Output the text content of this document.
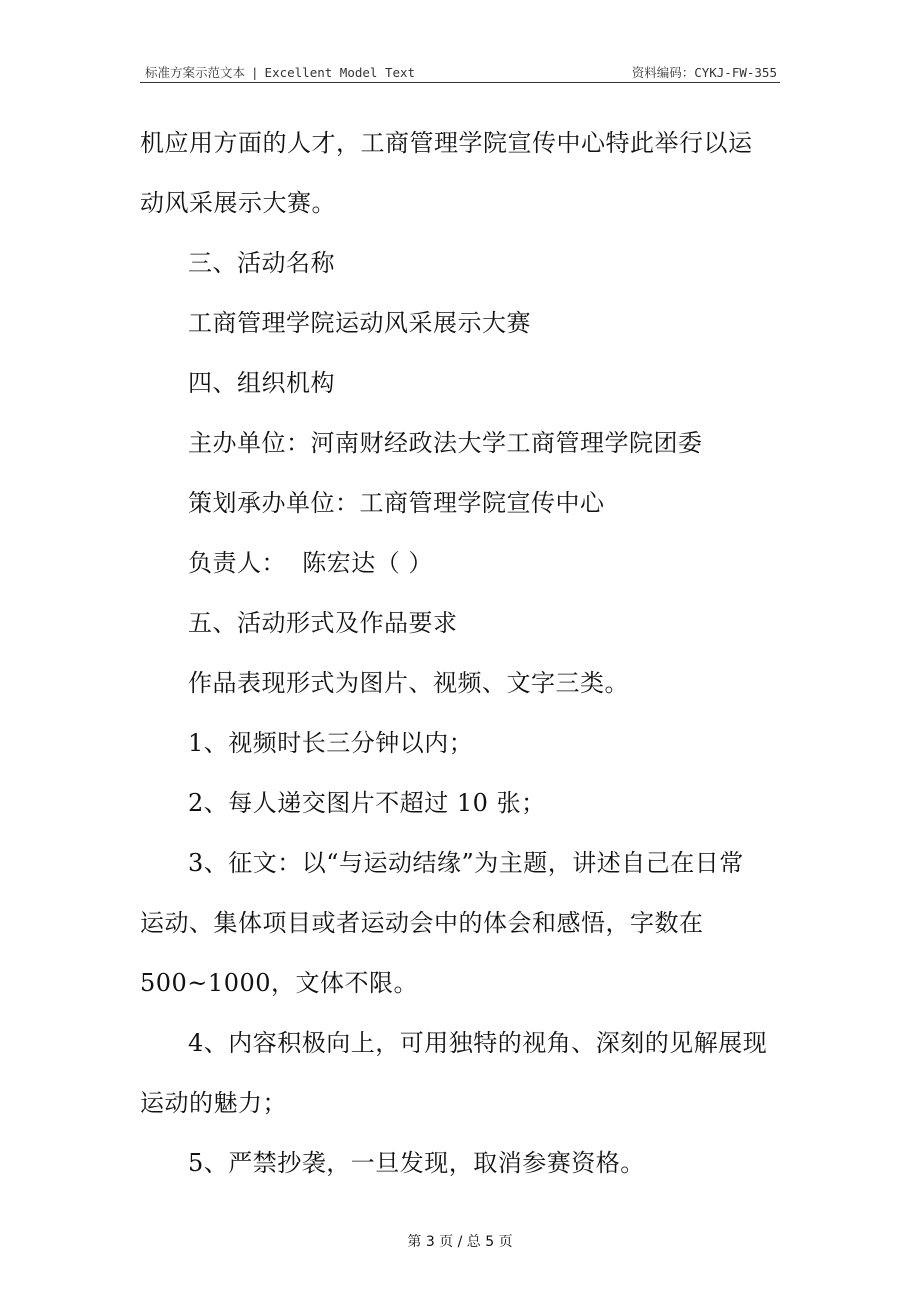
标准方案示范文本 | Excellent Model Text	资料编码：CYKJ-FW-355
机应用方面的人才，工商管理学院宣传中心特此举行以运
动风采展示大赛。
三、活动名称
工商管理学院运动风采展示大赛
四、组织机构
主办单位：河南财经政法大学工商管理学院团委
策划承办单位：工商管理学院宣传中心
负责人：  陈宏达（ ）
五、活动形式及作品要求
作品表现形式为图片、视频、文字三类。
1、视频时长三分钟以内；
2、每人递交图片不超过 10 张；
3、征文：以“与运动结缘”为主题，讲述自己在日常
运动、集体项目或者运动会中的体会和感悟，字数在
500~1000，文体不限。
4、内容积极向上，可用独特的视角、深刻的见解展现
运动的魅力；
5、严禁抄袭，一旦发现，取消参赛资格。
第 3 页 / 总 5 页
